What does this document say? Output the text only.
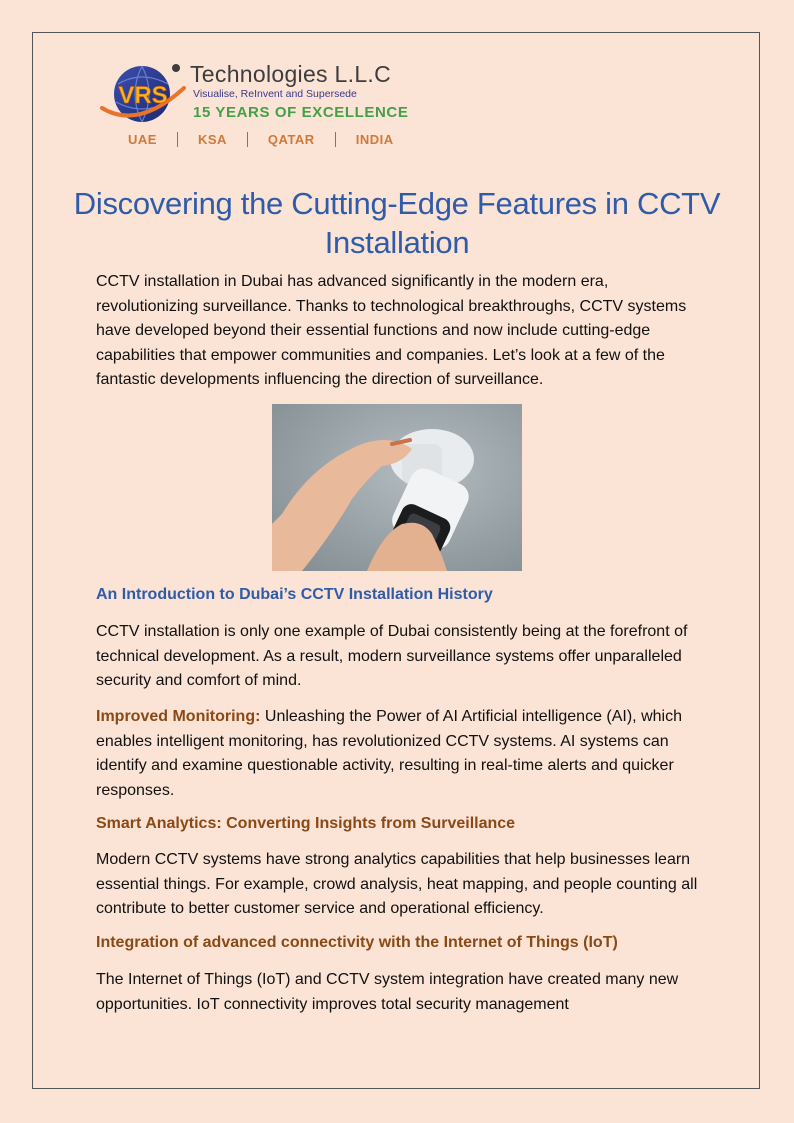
VRS
Technologies L.L.C
Visualise, ReInvent and Supersede
15 YEARS OF EXCELLENCE
UAE	KSA	QATAR	INDIA
Discovering the Cutting-Edge Features in CCTV Installation

CCTV installation in Dubai has advanced significantly in the modern era, revolutionizing surveillance. Thanks to technological breakthroughs, CCTV systems have developed beyond their essential functions and now include cutting-edge capabilities that empower communities and companies. Let’s look at a few of the fantastic developments influencing the direction of surveillance.

An Introduction to Dubai’s CCTV Installation History

CCTV installation is only one example of Dubai consistently being at the forefront of technical development. As a result, modern surveillance systems offer unparalleled security and comfort of mind.

Improved Monitoring: Unleashing the Power of AI Artificial intelligence (AI), which enables intelligent monitoring, has revolutionized CCTV systems. AI systems can identify and examine questionable activity, resulting in real-time alerts and quicker responses.

Smart Analytics: Converting Insights from Surveillance

Modern CCTV systems have strong analytics capabilities that help businesses learn essential things. For example, crowd analysis, heat mapping, and people counting all contribute to better customer service and operational efficiency.

Integration of advanced connectivity with the Internet of Things (IoT)

The Internet of Things (IoT) and CCTV system integration have created many new opportunities. IoT connectivity improves total security management
